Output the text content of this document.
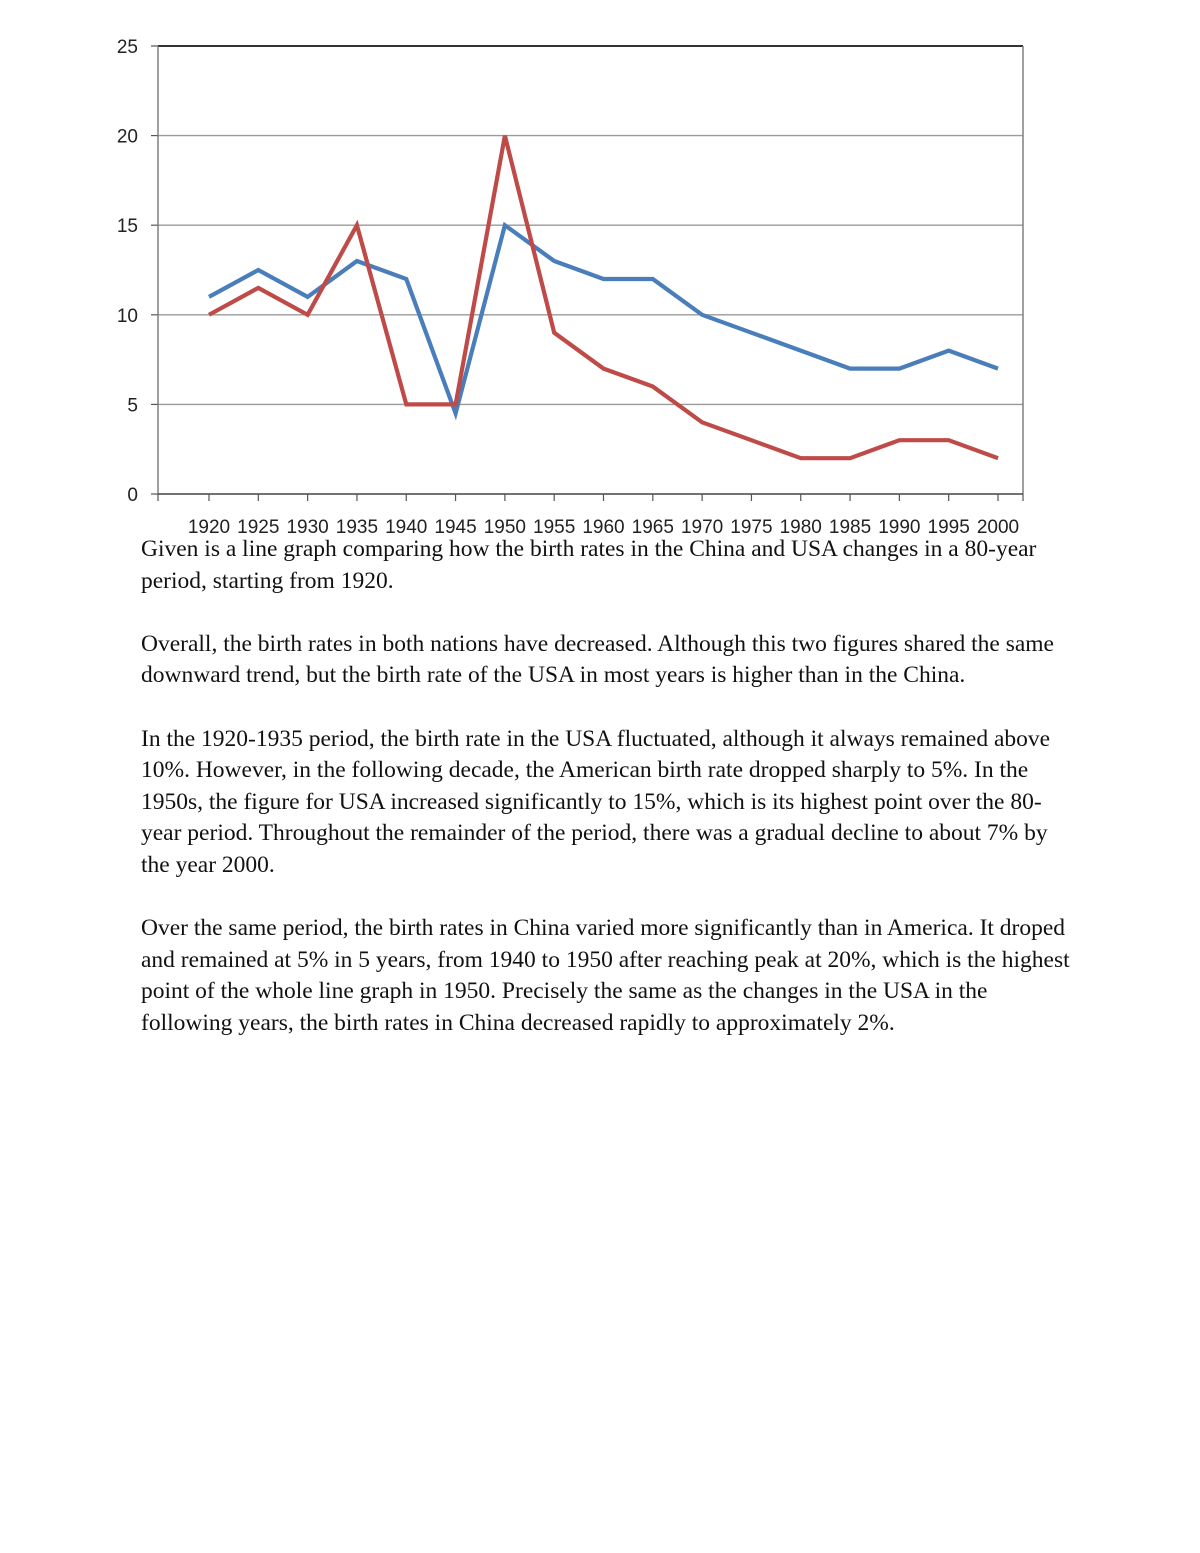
0
5
10
15
20
25
1920 1925 1930 1935 1940 1945 1950 1955 1960 1965 1970 1975 1980 1985 1990 1995 2000

Given is a line graph comparing how the birth rates in the China and USA changes in a 80-year period, starting from 1920.

Overall, the birth rates in both nations have decreased. Although this two figures shared the same downward trend, but the birth rate of the USA in most years is higher than in the China.

In the 1920-1935 period, the birth rate in the USA fluctuated, although it always remained above 10%. However, in the following decade, the American birth rate dropped sharply to 5%. In the 1950s, the figure for USA increased significantly to 15%, which is its highest point over the 80-year period. Throughout the remainder of the period, there was a gradual decline to about 7% by the year 2000.

Over the same period, the birth rates in China varied more significantly than in America. It droped and remained at 5% in 5 years, from 1940 to 1950 after reaching peak at 20%, which is the highest point of the whole line graph in 1950. Precisely the same as the changes in the USA in the following years, the birth rates in China decreased rapidly to approximately 2%.
